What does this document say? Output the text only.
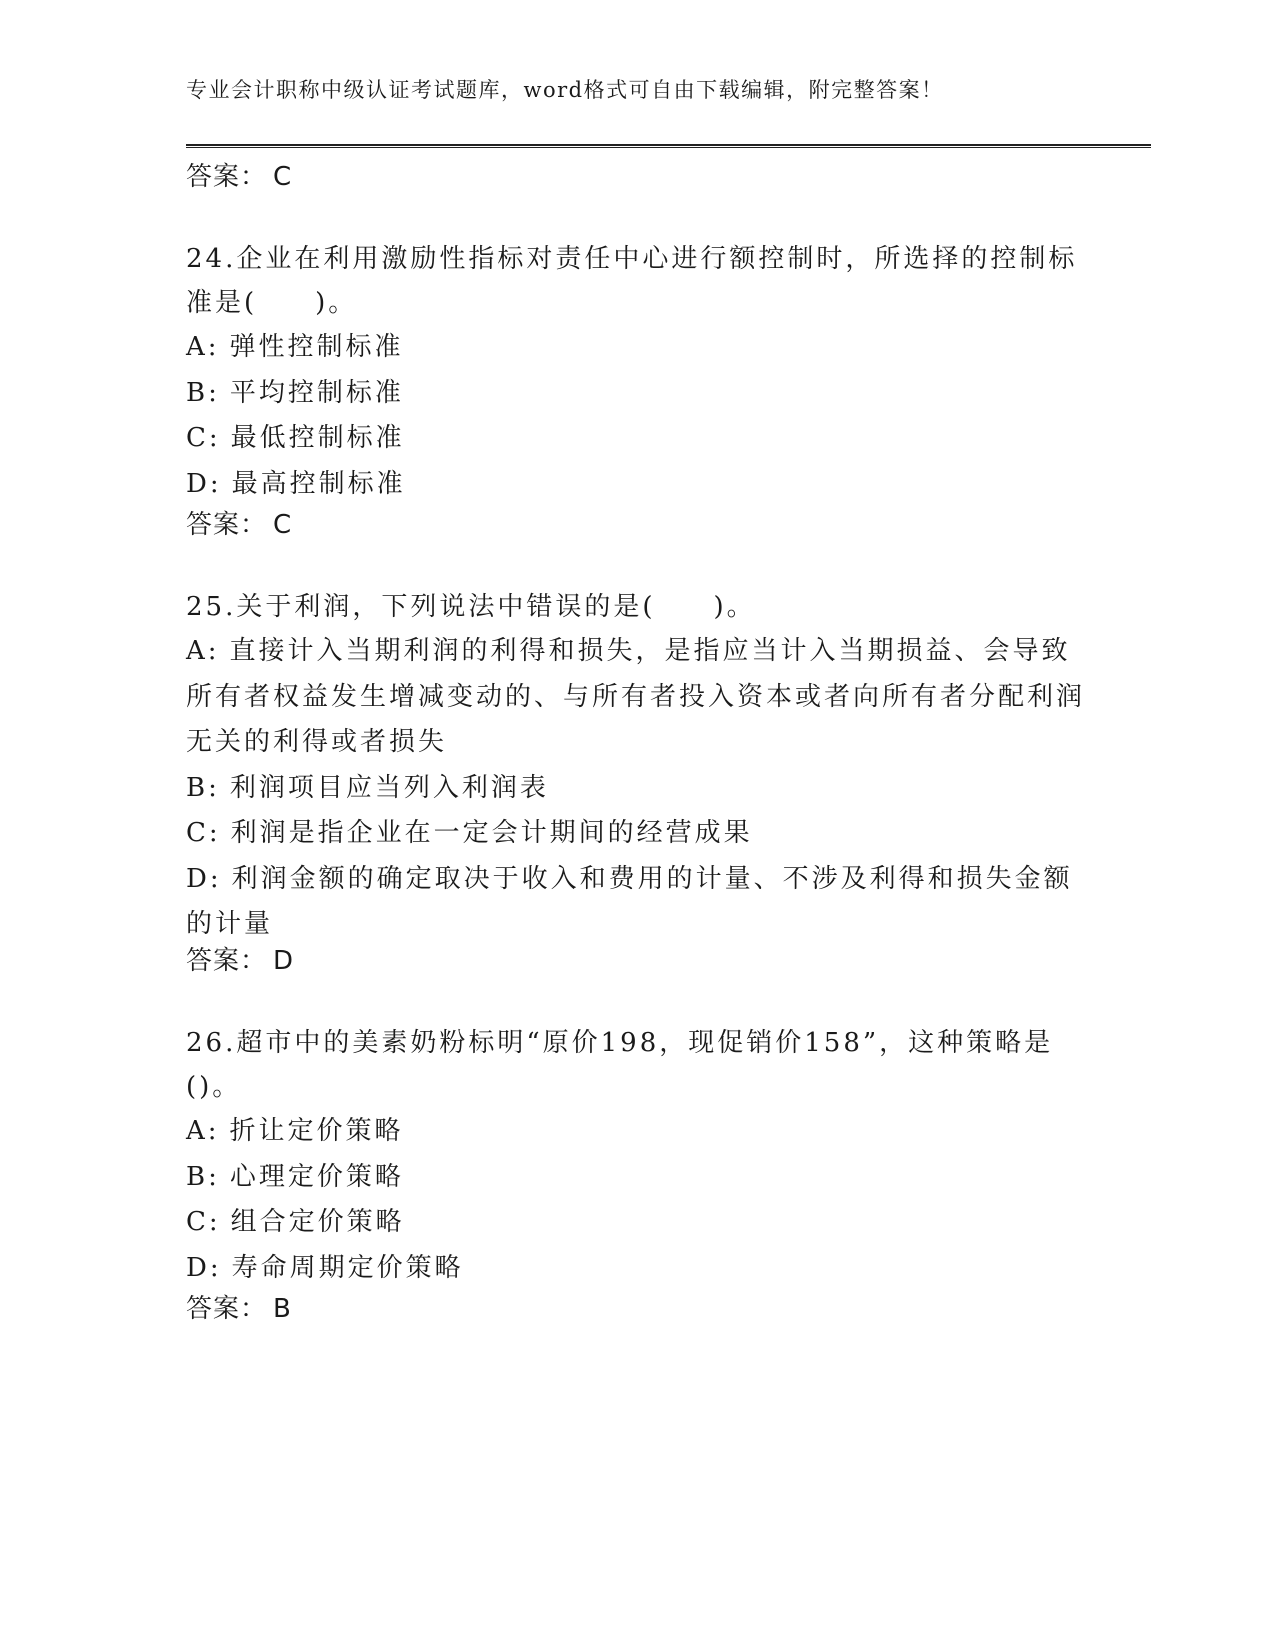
专业会计职称中级认证考试题库，word格式可自由下载编辑，附完整答案！
答案： C

24.企业在利用激励性指标对责任中心进行额控制时，所选择的控制标准是(　　)。

A: 弹性控制标准

B: 平均控制标准

C: 最低控制标准

D: 最高控制标准

答案： C

25.关于利润，下列说法中错误的是(　　)。

A: 直接计入当期利润的利得和损失，是指应当计入当期损益、会导致所有者权益发生增减变动的、与所有者投入资本或者向所有者分配利润无关的利得或者损失

B: 利润项目应当列入利润表

C: 利润是指企业在一定会计期间的经营成果

D: 利润金额的确定取决于收入和费用的计量、不涉及利得和损失金额的计量

答案： D

26.超市中的美素奶粉标明“原价198，现促销价158”，这种策略是()。

A: 折让定价策略

B: 心理定价策略

C: 组合定价策略

D: 寿命周期定价策略

答案： B
